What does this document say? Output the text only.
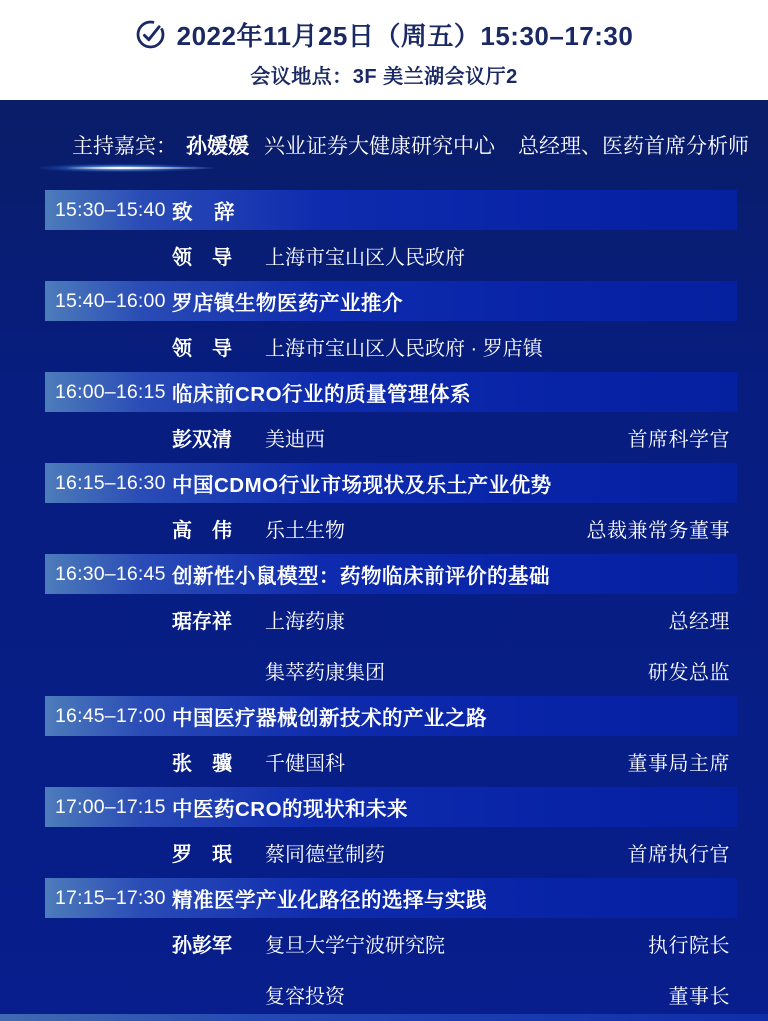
2022年11月25日（周五）15:30–17:30
会议地点：3F 美兰湖会议厅2
主持嘉宾： 孙媛媛 兴业证券大健康研究中心 总经理、医药首席分析师
15:30–15:40 致　辞
领　导	上海市宝山区人民政府
15:40–16:00 罗店镇生物医药产业推介
领　导	上海市宝山区人民政府 · 罗店镇
16:00–16:15 临床前CRO行业的质量管理体系
彭双清	美迪西	首席科学官
16:15–16:30 中国CDMO行业市场现状及乐土产业优势
高　伟	乐土生物	总裁兼常务董事
16:30–16:45 创新性小鼠模型：药物临床前评价的基础
琚存祥	上海药康	总经理
集萃药康集团	研发总监
16:45–17:00 中国医疗器械创新技术的产业之路
张　骥	千健国科	董事局主席
17:00–17:15 中医药CRO的现状和未来
罗　珉	蔡同德堂制药	首席执行官
17:15–17:30 精准医学产业化路径的选择与实践
孙彭军	复旦大学宁波研究院	执行院长
复容投资	董事长
